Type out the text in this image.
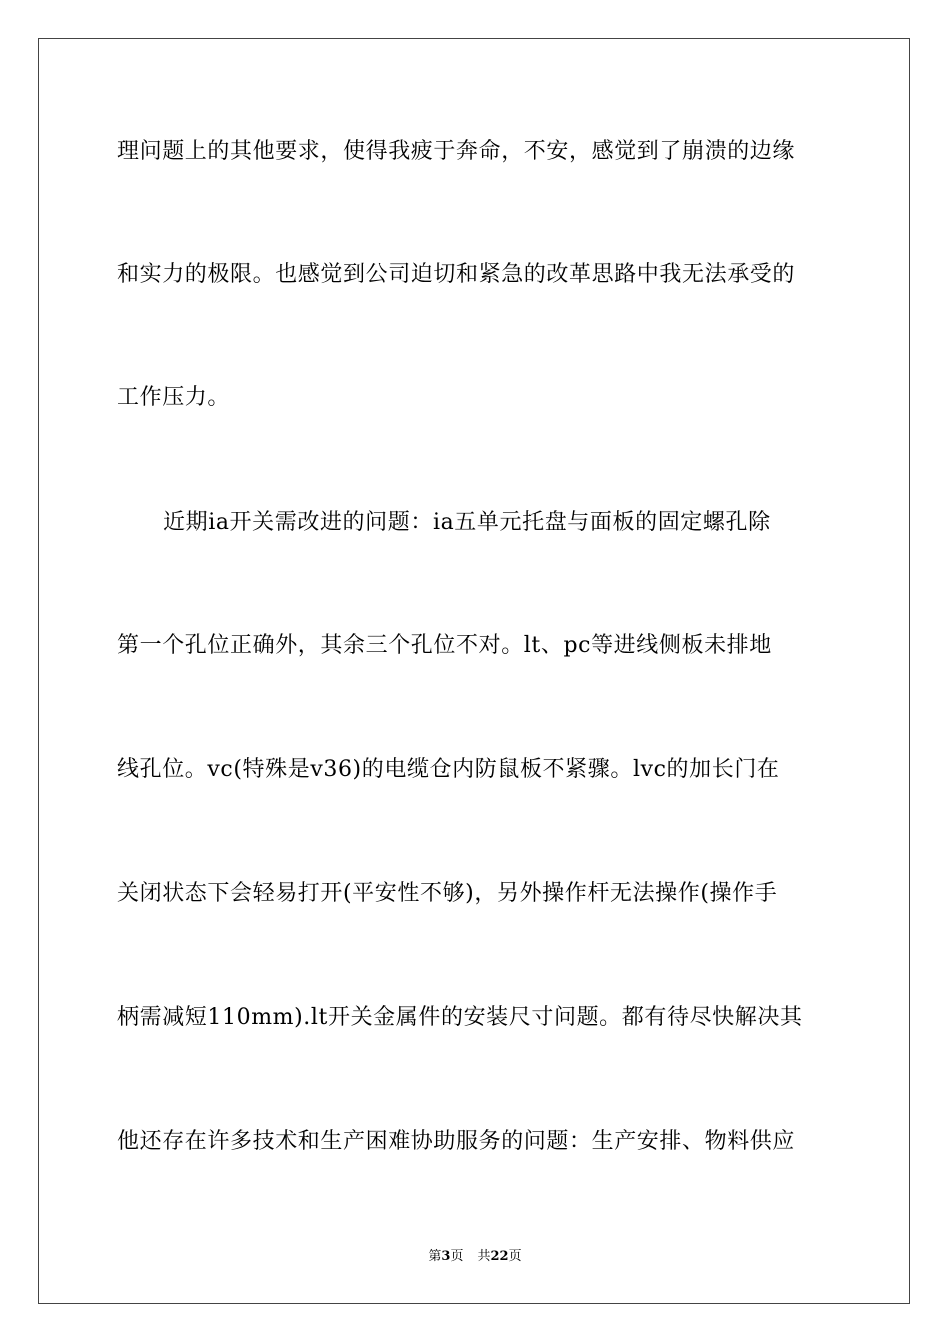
理问题上的其他要求，使得我疲于奔命，不安，感觉到了崩溃的边缘
和实力的极限。也感觉到公司迫切和紧急的改革思路中我无法承受的
工作压力。
近期ia开关需改进的问题：ia五单元托盘与面板的固定螺孔除
第一个孔位正确外，其余三个孔位不对。lt、pc等进线侧板未排地
线孔位。vc(特殊是v36)的电缆仓内防鼠板不紧骤。lvc的加长门在
关闭状态下会轻易打开(平安性不够)，另外操作杆无法操作(操作手
柄需减短110mm).lt开关金属件的安装尺寸问题。都有待尽快解决其
他还存在许多技术和生产困难协助服务的问题：生产安排、物料供应
第3页 共22页
